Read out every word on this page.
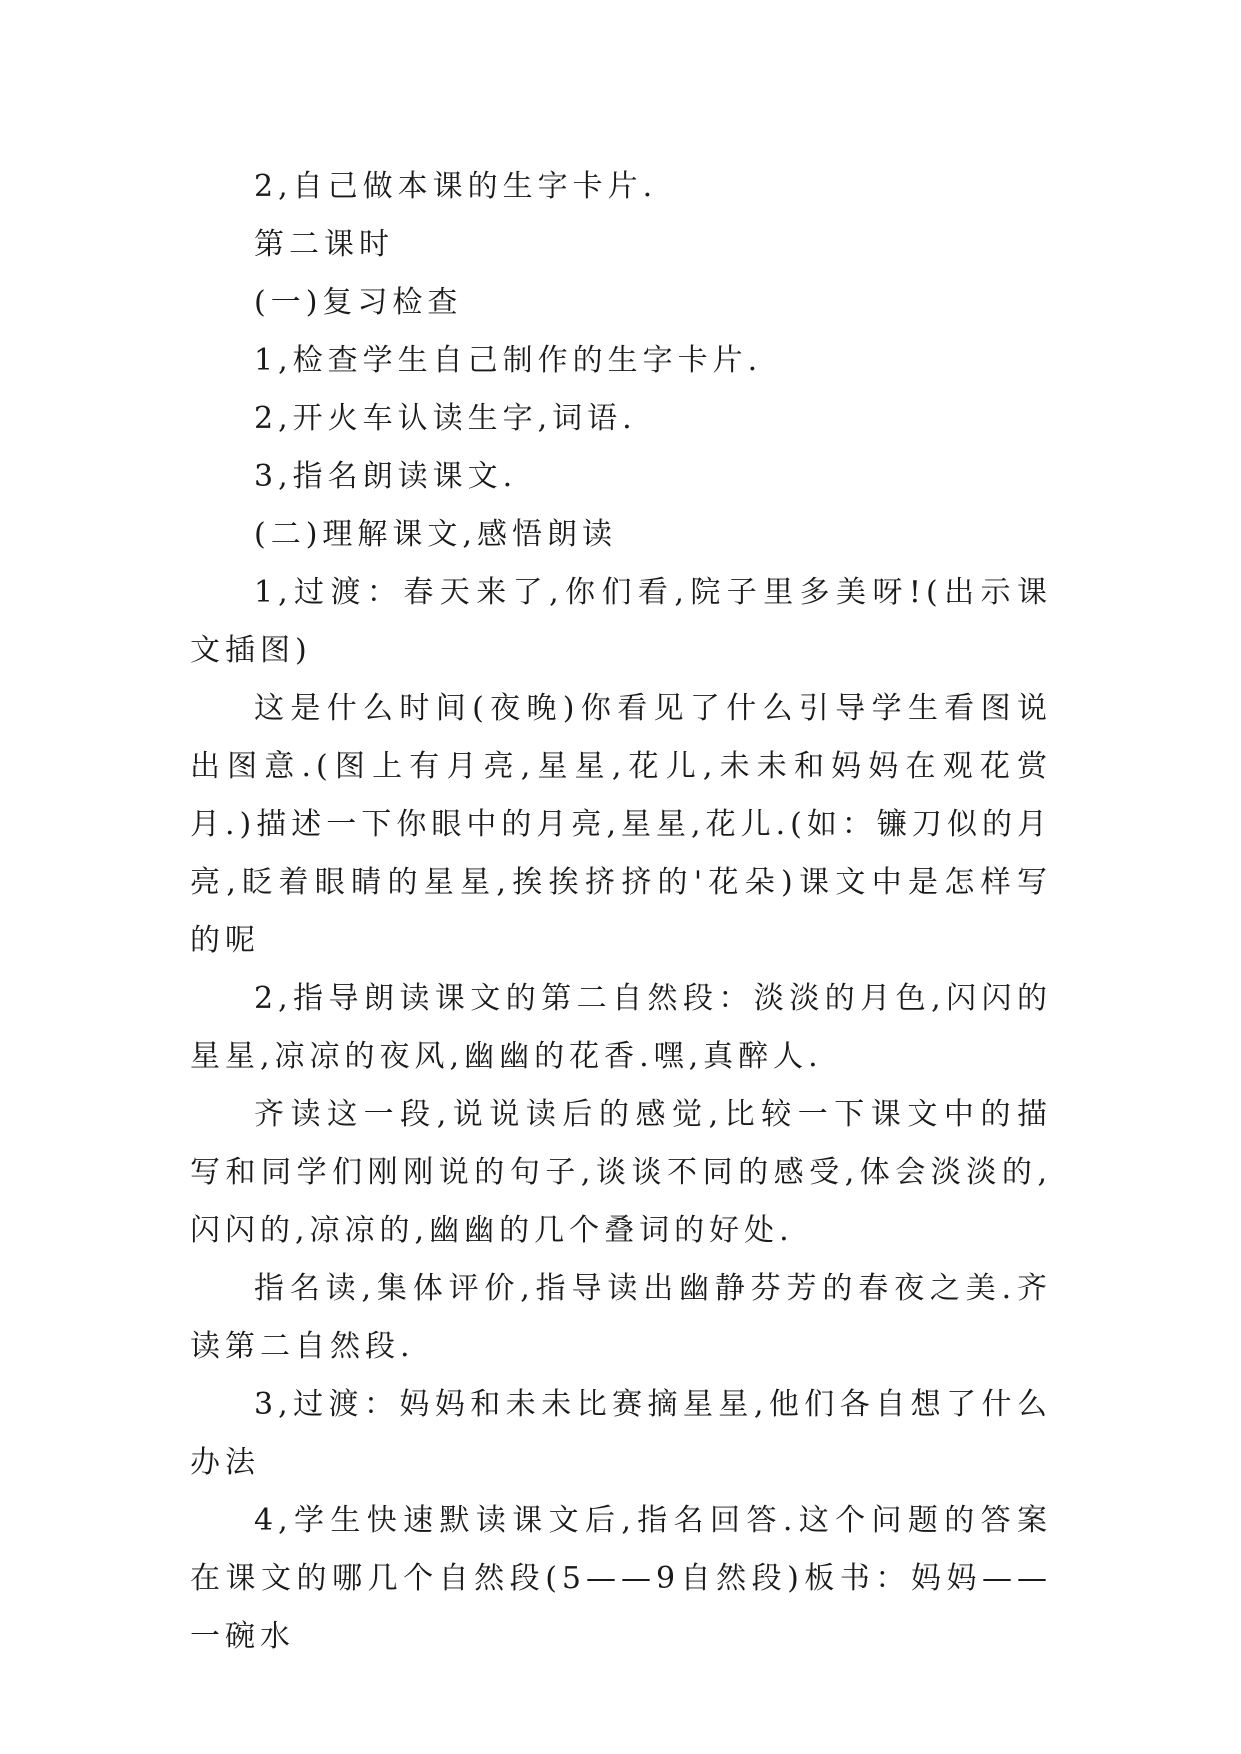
2,自己做本课的生字卡片.

第二课时

(一)复习检查

1,检查学生自己制作的生字卡片.

2,开火车认读生字,词语.

3,指名朗读课文.

(二)理解课文,感悟朗读

1,过渡：春天来了,你们看,院子里多美呀!(出示课文插图)

这是什么时间(夜晚)你看见了什么引导学生看图说出图意.(图上有月亮,星星,花儿,未未和妈妈在观花赏月.)描述一下你眼中的月亮,星星,花儿.(如：镰刀似的月亮,眨着眼睛的星星,挨挨挤挤的'花朵)课文中是怎样写的呢

2,指导朗读课文的第二自然段：淡淡的月色,闪闪的星星,凉凉的夜风,幽幽的花香.嘿,真醉人.

齐读这一段,说说读后的感觉,比较一下课文中的描写和同学们刚刚说的句子,谈谈不同的感受,体会淡淡的,闪闪的,凉凉的,幽幽的几个叠词的好处.

指名读,集体评价,指导读出幽静芬芳的春夜之美.齐读第二自然段.

3,过渡：妈妈和未未比赛摘星星,他们各自想了什么办法

4,学生快速默读课文后,指名回答.这个问题的答案在课文的哪几个自然段(5——9自然段)板书：妈妈——一碗水
